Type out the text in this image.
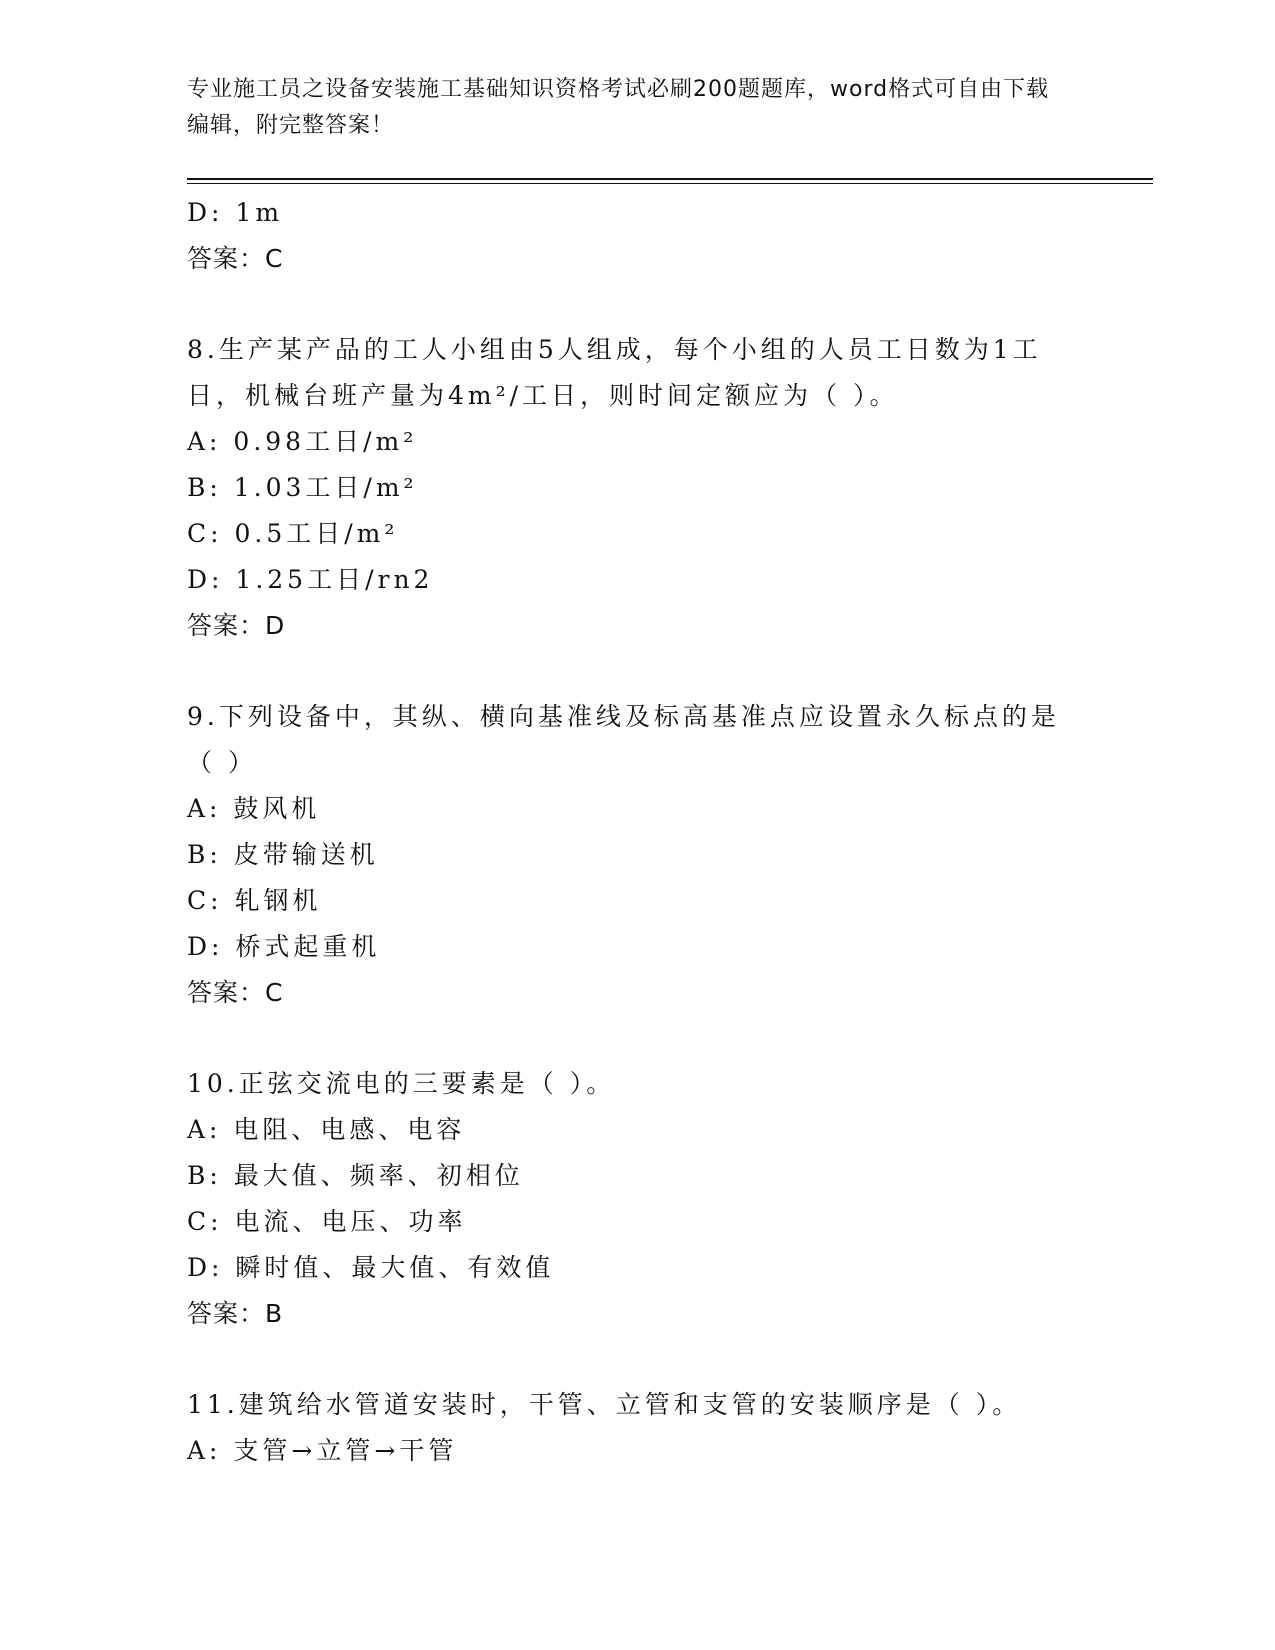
专业施工员之设备安装施工基础知识资格考试必刷200题题库，word格式可自由下载编辑，附完整答案！
D: 1m
答案：C
8.生产某产品的工人小组由5人组成，每个小组的人员工日数为1工日，机械台班产量为4m²/工日，则时间定额应为（ ）。
A: 0.98工日/m²
B: 1.03工日/m²
C: 0.5工日/m²
D: 1.25工日/rn2
答案：D
9.下列设备中，其纵、横向基准线及标高基准点应设置永久标点的是（ ）
A: 鼓风机
B: 皮带输送机
C: 轧钢机
D: 桥式起重机
答案：C
10.正弦交流电的三要素是（ ）。
A: 电阻、电感、电容
B: 最大值、频率、初相位
C: 电流、电压、功率
D: 瞬时值、最大值、有效值
答案：B
11.建筑给水管道安装时，干管、立管和支管的安装顺序是（ ）。
A: 支管→立管→干管
